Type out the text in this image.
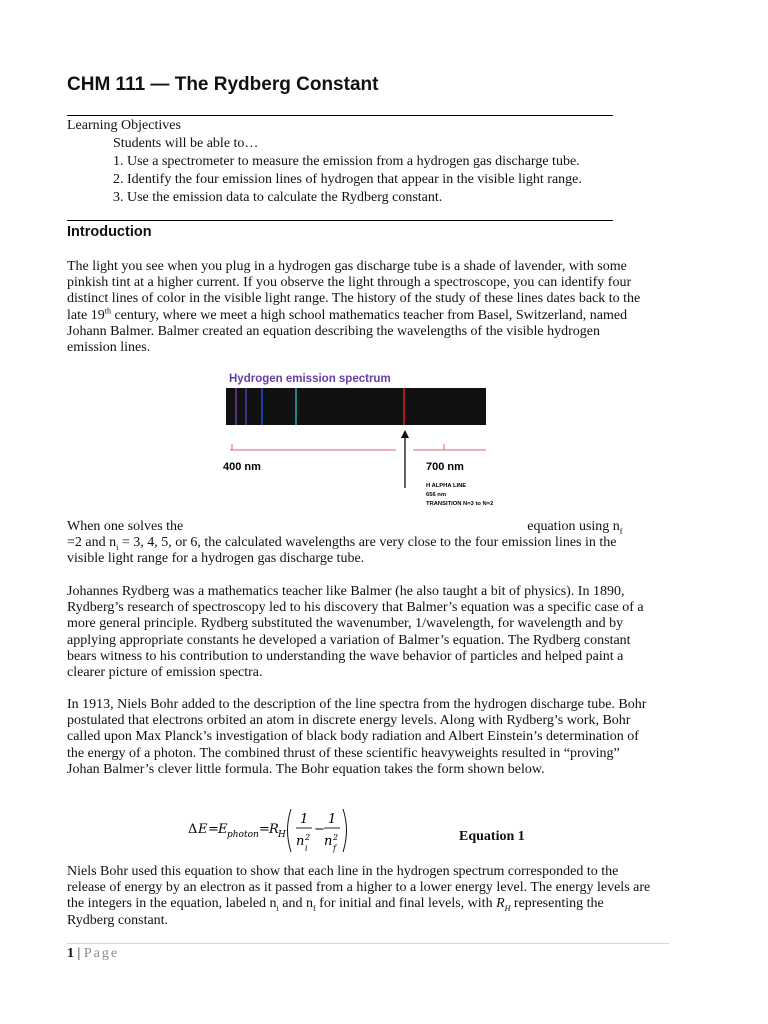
CHM 111 — The Rydberg Constant
Learning Objectives
Students will be able to…
1. Use a spectrometer to measure the emission from a hydrogen gas discharge tube.
2. Identify the four emission lines of hydrogen that appear in the visible light range.
3. Use the emission data to calculate the Rydberg constant.
Introduction

The light you see when you plug in a hydrogen gas discharge tube is a shade of lavender, with some pinkish tint at a higher current. If you observe the light through a spectroscope, you can identify four distinct lines of color in the visible light range. The history of the study of these lines dates back to the late 19th century, where we meet a high school mathematics teacher from Basel, Switzerland, named Johann Balmer. Balmer created an equation describing the wavelengths of the visible hydrogen emission lines.

Hydrogen emission spectrum
400 nm	700 nm
H ALPHA LINE
656 nm
TRANSITION N=3 to N=2
When one solves the	equation using $n_f$
=2 and $n_i = 3$, 4, 5, or 6, the calculated wavelengths are very close to the four emission lines in the visible light range for a hydrogen gas discharge tube.

Johannes Rydberg was a mathematics teacher like Balmer (he also taught a bit of physics). In 1890, Rydberg’s research of spectroscopy led to his discovery that Balmer’s equation was a specific case of a more general principle. Rydberg substituted the wavenumber, 1/wavelength, for wavelength and by applying appropriate constants he developed a variation of Balmer’s equation. The Rydberg constant bears witness to his contribution to understanding the wave behavior of particles and helped paint a clearer picture of emission spectra.

In 1913, Niels Bohr added to the description of the line spectra from the hydrogen discharge tube. Bohr postulated that electrons orbited an atom in discrete energy levels. Along with Rydberg’s work, Bohr called upon Max Planck’s investigation of black body radiation and Albert Einstein’s determination of the energy of a photon. The combined thrust of these scientific heavyweights resulted in “proving” Johan Balmer’s clever little formula. The Bohr equation takes the form shown below.

Δ E = E photon = R H
1
n 2
i
−
1
n 2
f
Equation 1

Niels Bohr used this equation to show that each line in the hydrogen spectrum corresponded to the release of energy by an electron as it passed from a higher to a lower energy level. The energy levels are the integers in the equation, labeled $n_i$ and $n_f$ for initial and final levels, with $R_H$ representing the Rydberg constant.

1 | Page
